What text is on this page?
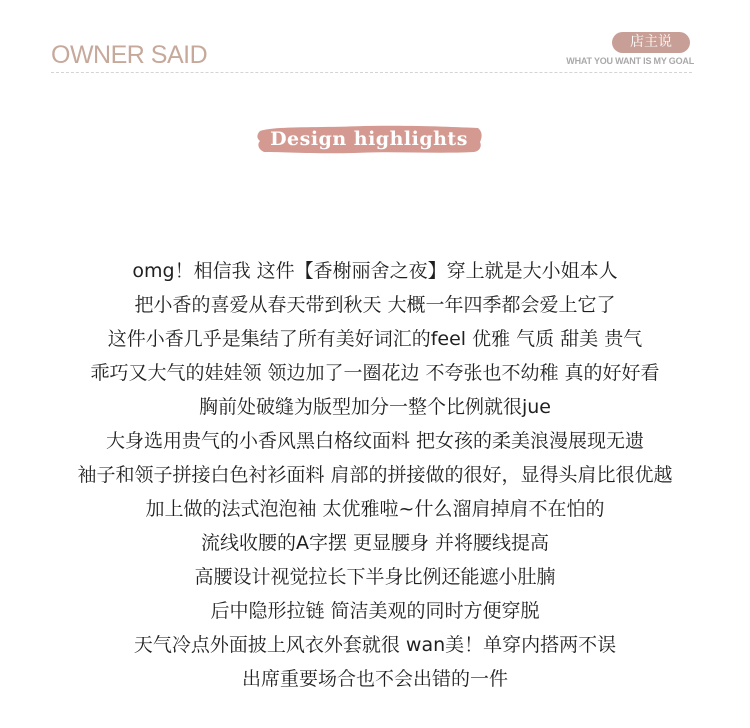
OWNER SAID	店主说
WHAT YOU WANT IS MY GOAL
Design highlights
omg！相信我 这件【香榭丽舍之夜】穿上就是大小姐本人
把小香的喜爱从春天带到秋天 大概一年四季都会爱上它了
这件小香几乎是集结了所有美好词汇的feel 优雅 气质 甜美 贵气
乖巧又大气的娃娃领 领边加了一圈花边 不夸张也不幼稚 真的好好看
胸前处破缝为版型加分一整个比例就很jue
大身选用贵气的小香风黑白格纹面料 把女孩的柔美浪漫展现无遗
袖子和领子拼接白色衬衫面料 肩部的拼接做的很好，显得头肩比很优越
加上做的法式泡泡袖 太优雅啦~什么溜肩掉肩不在怕的
流线收腰的A字摆 更显腰身 并将腰线提高
高腰设计视觉拉长下半身比例还能遮小肚腩
后中隐形拉链 简洁美观的同时方便穿脱
天气冷点外面披上风衣外套就很 wan美！单穿内搭两不误
出席重要场合也不会出错的一件
